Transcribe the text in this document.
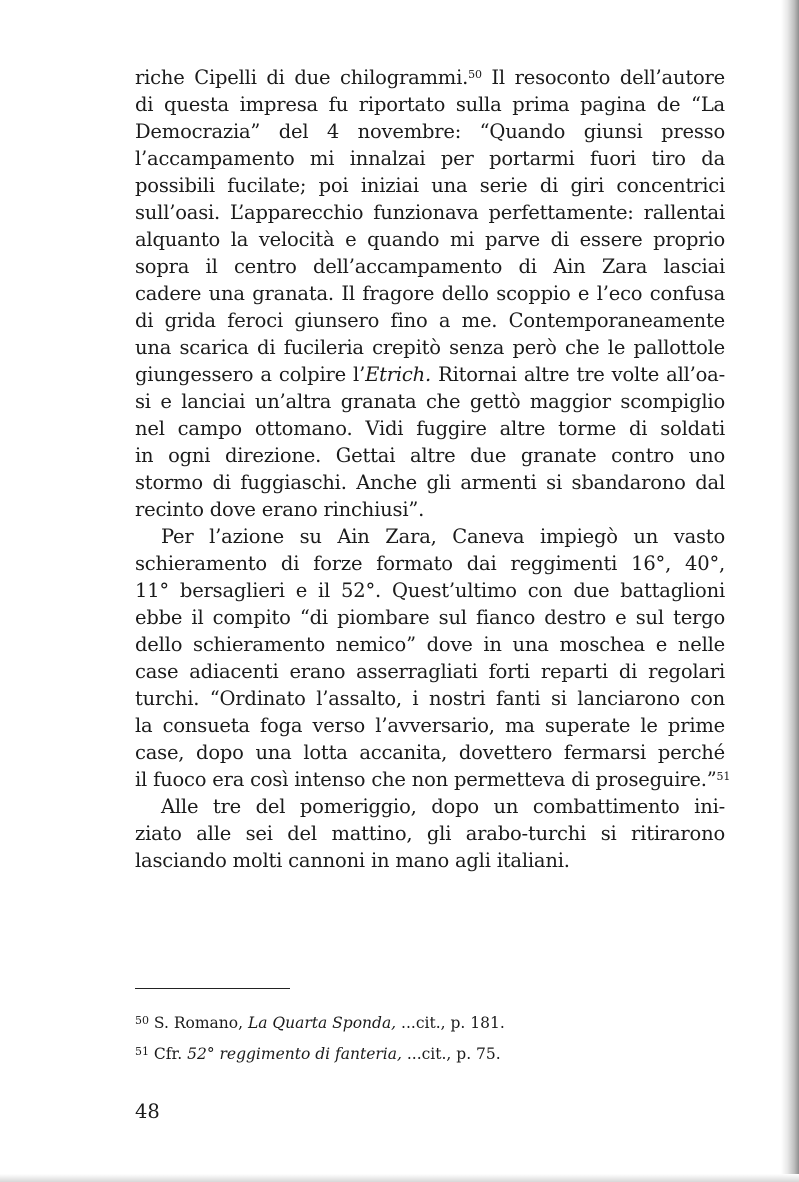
riche Cipelli di due chilogrammi.$^{50}$ Il resoconto dell’autore
di questa impresa fu riportato sulla prima pagina de “La
Democrazia” del 4 novembre: “Quando giunsi presso
l’accampamento mi innalzai per portarmi fuori tiro da
possibili fucilate; poi iniziai una serie di giri concentrici
sull’oasi. L’apparecchio funzionava perfettamente: rallentai
alquanto la velocità e quando mi parve di essere proprio
sopra il centro dell’accampamento di Ain Zara lasciai
cadere una granata. Il fragore dello scoppio e l’eco confusa
di grida feroci giunsero fino a me. Contemporaneamente
una scarica di fucileria crepitò senza però che le pallottole
giungessero a colpire l’Etrich. Ritornai altre tre volte all’oa-
si e lanciai un’altra granata che gettò maggior scompiglio
nel campo ottomano. Vidi fuggire altre torme di soldati
in ogni direzione. Gettai altre due granate contro uno
stormo di fuggiaschi. Anche gli armenti si sbandarono dal
recinto dove erano rinchiusi”.
Per l’azione su Ain Zara, Caneva impiegò un vasto
schieramento di forze formato dai reggimenti 16°, 40°,
11° bersaglieri e il 52°. Quest’ultimo con due battaglioni
ebbe il compito “di piombare sul fianco destro e sul tergo
dello schieramento nemico” dove in una moschea e nelle
case adiacenti erano asserragliati forti reparti di regolari
turchi. “Ordinato l’assalto, i nostri fanti si lanciarono con
la consueta foga verso l’avversario, ma superate le prime
case, dopo una lotta accanita, dovettero fermarsi perché
il fuoco era così intenso che non permetteva di proseguire.”$^{51}$
Alle tre del pomeriggio, dopo un combattimento ini-
ziato alle sei del mattino, gli arabo-turchi si ritirarono
lasciando molti cannoni in mano agli italiani.
$^{50}$ S. Romano, La Quarta Sponda, ...cit., p. 181.
$^{51}$ Cfr. 52° reggimento di fanteria, ...cit., p. 75.
48
